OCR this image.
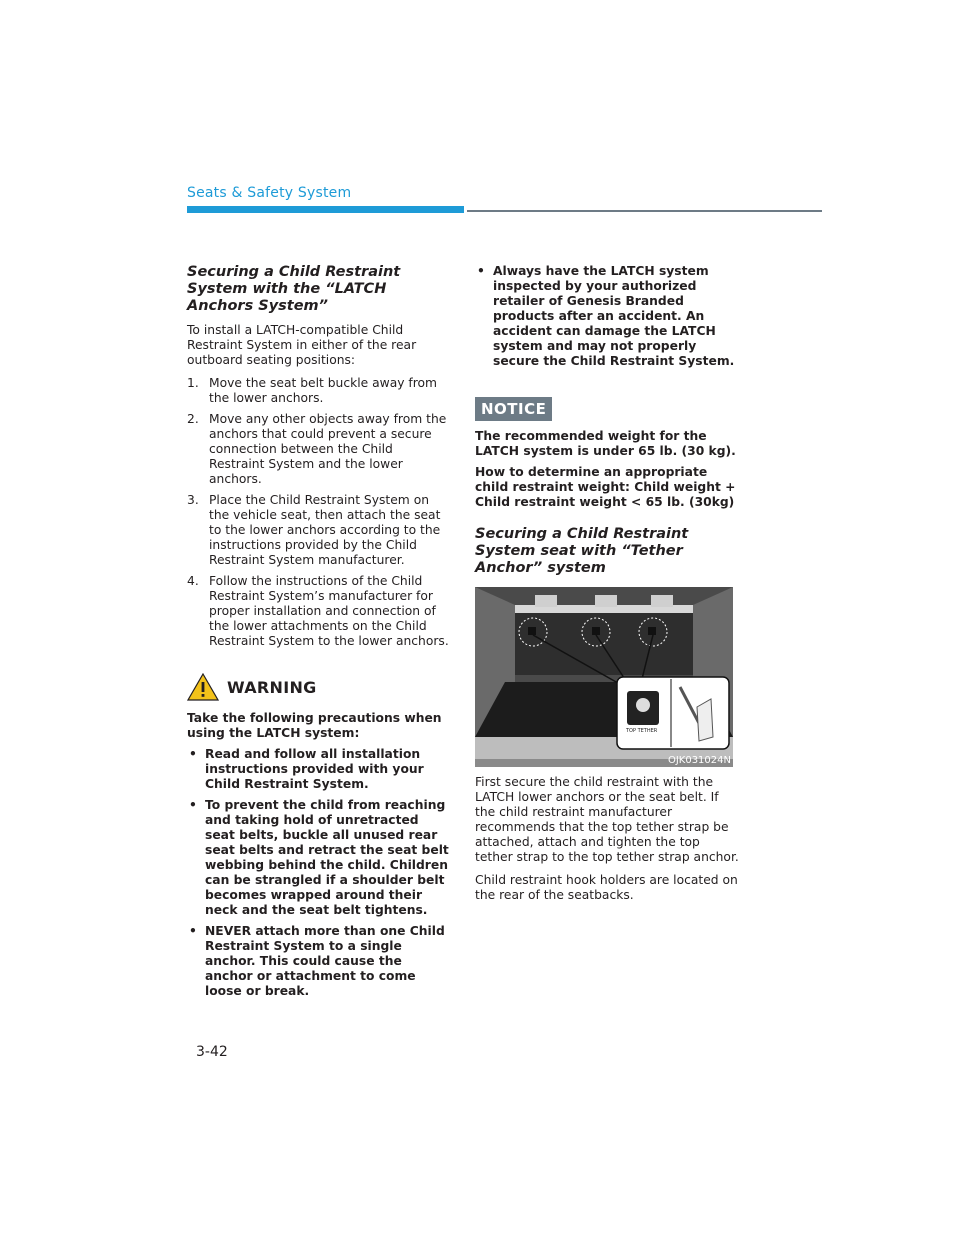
Seats & Safety System
Securing a Child Restraint System with the “LATCH Anchors System”

To install a LATCH-compatible Child Restraint System in either of the rear outboard seating positions:

1. Move the seat belt buckle away from the lower anchors.
2. Move any other objects away from the anchors that could prevent a secure connection between the Child Restraint System and the lower anchors.
3. Place the Child Restraint System on the vehicle seat, then attach the seat to the lower anchors according to the instructions provided by the Child Restraint System manufacturer.
4. Follow the instructions of the Child Restraint System’s manufacturer for proper installation and connection of the lower attachments on the Child Restraint System to the lower anchors.
WARNING

Take the following precautions when using the LATCH system:

• Read and follow all installation instructions provided with your Child Restraint System.
• To prevent the child from reaching and taking hold of unretracted seat belts, buckle all unused rear seat belts and retract the seat belt webbing behind the child. Children can be strangled if a shoulder belt becomes wrapped around their neck and the seat belt tightens.
• NEVER attach more than one Child Restraint System to a single anchor. This could cause the anchor or attachment to come loose or break.
• Always have the LATCH system inspected by your authorized retailer of Genesis Branded products after an accident. An accident can damage the LATCH system and may not properly secure the Child Restraint System.
NOTICE

The recommended weight for the LATCH system is under 65 lb. (30 kg).

How to determine an appropriate child restraint weight: Child weight + Child restraint weight < 65 lb. (30kg)

Securing a Child Restraint System seat with “Tether Anchor” system
OJK031024N
TOP TETHER

First secure the child restraint with the LATCH lower anchors or the seat belt. If the child restraint manufacturer recommends that the top tether strap be attached, attach and tighten the top tether strap to the top tether strap anchor.

Child restraint hook holders are located on the rear of the seatbacks.

3-42
